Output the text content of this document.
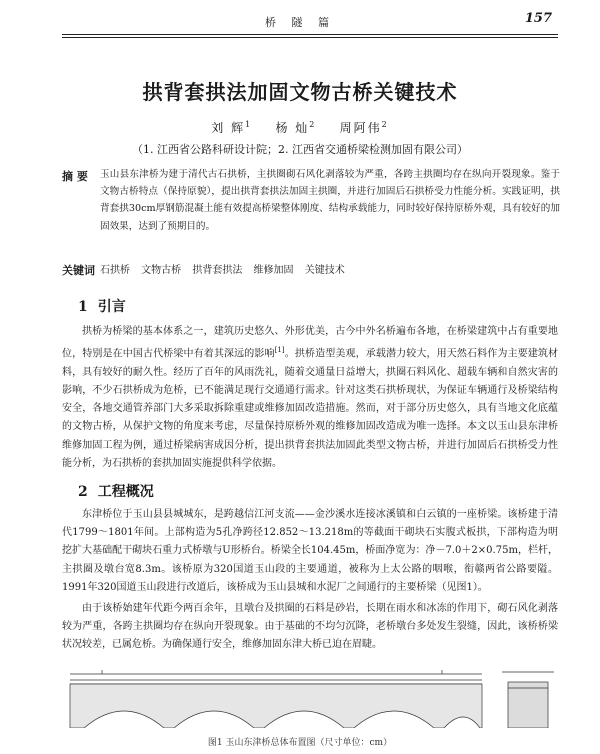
桥 隧 篇	157
拱背套拱法加固文物古桥关键技术
刘 辉$^1$ 杨 灿$^2$ 周阿伟$^2$
（1. 江西省公路科研设计院；2. 江西省交通桥梁检测加固有限公司）
摘 要 玉山县东津桥为建于清代古石拱桥，主拱圈砌石风化剥落较为严重，各跨主拱圈均存在纵向开裂现象。鉴于文物古桥特点（保持原貌），提出拱背套拱法加固主拱圈，并进行加固后石拱桥受力性能分析。实践证明，拱背套拱30cm厚钢筋混凝土能有效提高桥梁整体刚度、结构承载能力，同时较好保持原桥外观，具有较好的加固效果，达到了预期目的。
关键词 石拱桥 文物古桥 拱背套拱法 维修加固 关键技术
1 引言
拱桥为桥梁的基本体系之一，建筑历史悠久、外形优美，古今中外名桥遍布各地，在桥梁建筑中占有重要地位，特别是在中国古代桥梁中有着其深远的影响[1]。拱桥造型美观，承载潜力较大，用天然石料作为主要建筑材料，具有较好的耐久性。经历了百年的风雨洗礼，随着交通量日益增大，拱圈石料风化、超载车辆和自然灾害的影响，不少石拱桥成为危桥，已不能满足现行交通通行需求。针对这类石拱桥现状，为保证车辆通行及桥梁结构安全，各地交通管养部门大多采取拆除重建或维修加固改造措施。然而，对于部分历史悠久，具有当地文化底蕴的文物古桥，从保护文物的角度来考虑，尽量保持原桥外观的维修加固改造成为唯一选择。本文以玉山县东津桥维修加固工程为例，通过桥梁病害成因分析，提出拱背套拱法加固此类型文物古桥，并进行加固后石拱桥受力性能分析，为石拱桥的套拱加固实施提供科学依据。
2 工程概况
东津桥位于玉山县县城城东，是跨越信江河支流——金沙溪水连接冰溪镇和白云镇的一座桥梁。该桥建于清代1799～1801年间。上部构造为5孔净跨径12.852～13.218m的等截面干砌块石实腹式板拱，下部构造为明挖扩大基础配干砌块石重力式桥墩与U形桥台。桥梁全长104.45m，桥面净宽为：净－7.0＋2×0.75m，栏杆，主拱圈及墩台宽8.3m。该桥原为320国道玉山段的主要通道，被称为上太公路的咽喉，衔赣两省公路要隘。1991年320国道玉山段进行改道后，该桥成为玉山县城和水泥厂之间通行的主要桥梁（见图1）。
由于该桥始建年代距今两百余年，且墩台及拱圈的石料是砂岩，长期在雨水和冰冻的作用下，砌石风化剥落较为严重，各跨主拱圈均存在纵向开裂现象。由于基础的不均匀沉降，老桥墩台多处发生裂缝，因此，该桥桥梁状况较差，已属危桥。为确保通行安全，维修加固东津大桥已迫在眉睫。
图1 玉山东津桥总体布置图（尺寸单位：cm）
